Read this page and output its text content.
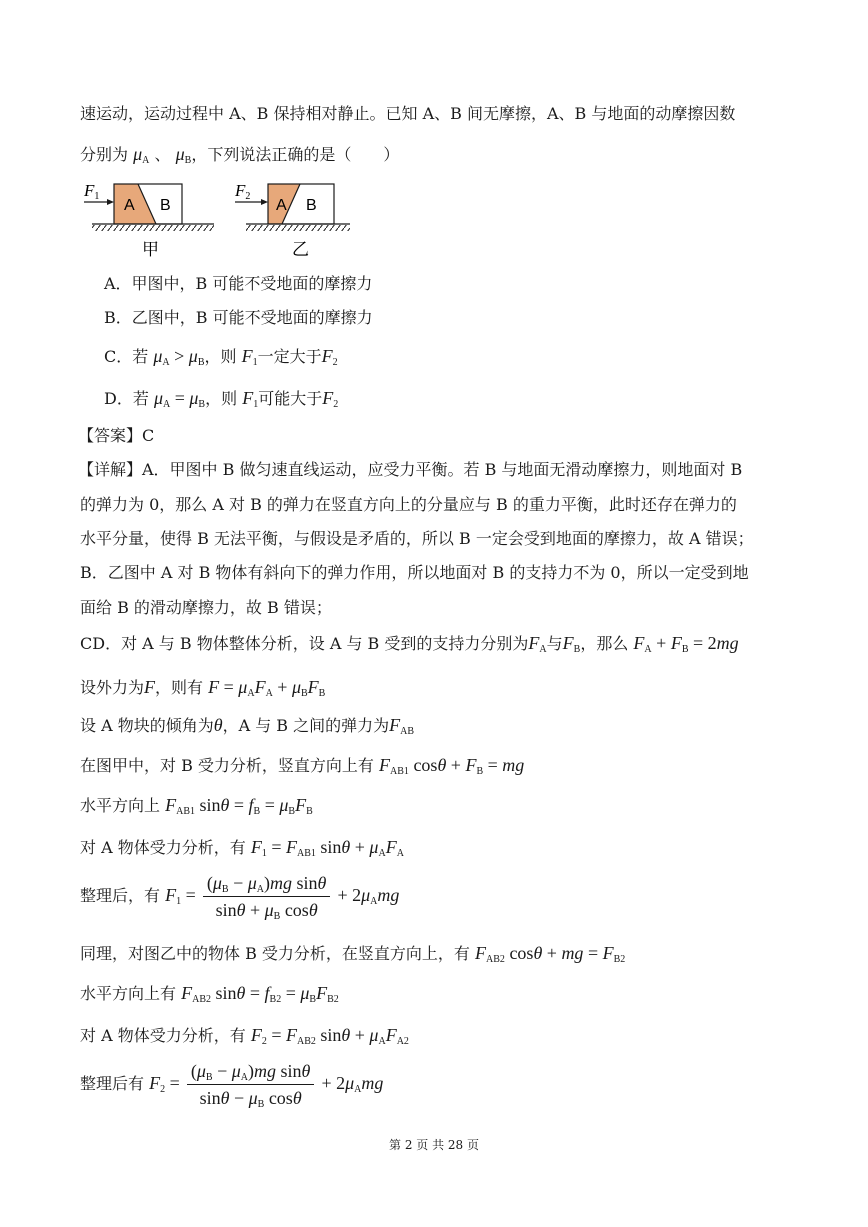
速运动，运动过程中 A、B 保持相对静止。已知 A、B 间无摩擦，A、B 与地面的动摩擦因数
分别为 $\mu_A$ 、 $\mu_B$，下列说法正确的是（　　）
F1
A B
甲
F2
A B
乙
A．甲图中，B 可能不受地面的摩擦力
B．乙图中，B 可能不受地面的摩擦力
C．若 $\mu_A > \mu_B$，则 $F_1$一定大于$F_2$
D．若 $\mu_A = \mu_B$，则 $F_1$可能大于$F_2$
【答案】C
【详解】A．甲图中 B 做匀速直线运动，应受力平衡。若 B 与地面无滑动摩擦力，则地面对 B
的弹力为 0，那么 A 对 B 的弹力在竖直方向上的分量应与 B 的重力平衡，此时还存在弹力的
水平分量，使得 B 无法平衡，与假设是矛盾的，所以 B 一定会受到地面的摩擦力，故 A 错误；
B．乙图中 A 对 B 物体有斜向下的弹力作用，所以地面对 B 的支持力不为 0，所以一定受到地
面给 B 的滑动摩擦力，故 B 错误；
CD．对 A 与 B 物体整体分析，设 A 与 B 受到的支持力分别为$F_A$与$F_B$，那么 $F_A + F_B = 2mg$
设外力为F，则有 $F = \mu_AF_A + \mu_BF_B$
设 A 物块的倾角为θ，A 与 B 之间的弹力为$F_{AB}$
在图甲中，对 B 受力分析，竖直方向上有 $F_{AB1}$ $\cos\theta + F_B$ = mg
水平方向上 $F_{AB1}$ $\sin\theta = f_B = \mu_BF_B$
对 A 物体受力分析，有 $F_1 = F_{AB1}$ $\sin\theta + \mu_AF_A$
整理后，有 $F_1 = \frac{(\mu_B - \mu_A)mg \sin\theta}{\sin\theta + \mu_B \cos\theta} + 2\mu_Amg$
同理，对图乙中的物体 B 受力分析，在竖直方向上，有 $F_{AB2}$ cosθ + mg = $F_{B2}$
水平方向上有 $F_{AB2}$ $\sin\theta = f_{B2} = \mu_BF_{B2}$
对 A 物体受力分析，有 $F_2 = F_{AB2}$ $\sin\theta + \mu_AF_{A2}$
整理后有 $F_2 = \frac{(\mu_B - \mu_A)mg \sin\theta}{\sin\theta - \mu_B \cos\theta} + 2\mu_Amg$
第 2 页 共 28 页
